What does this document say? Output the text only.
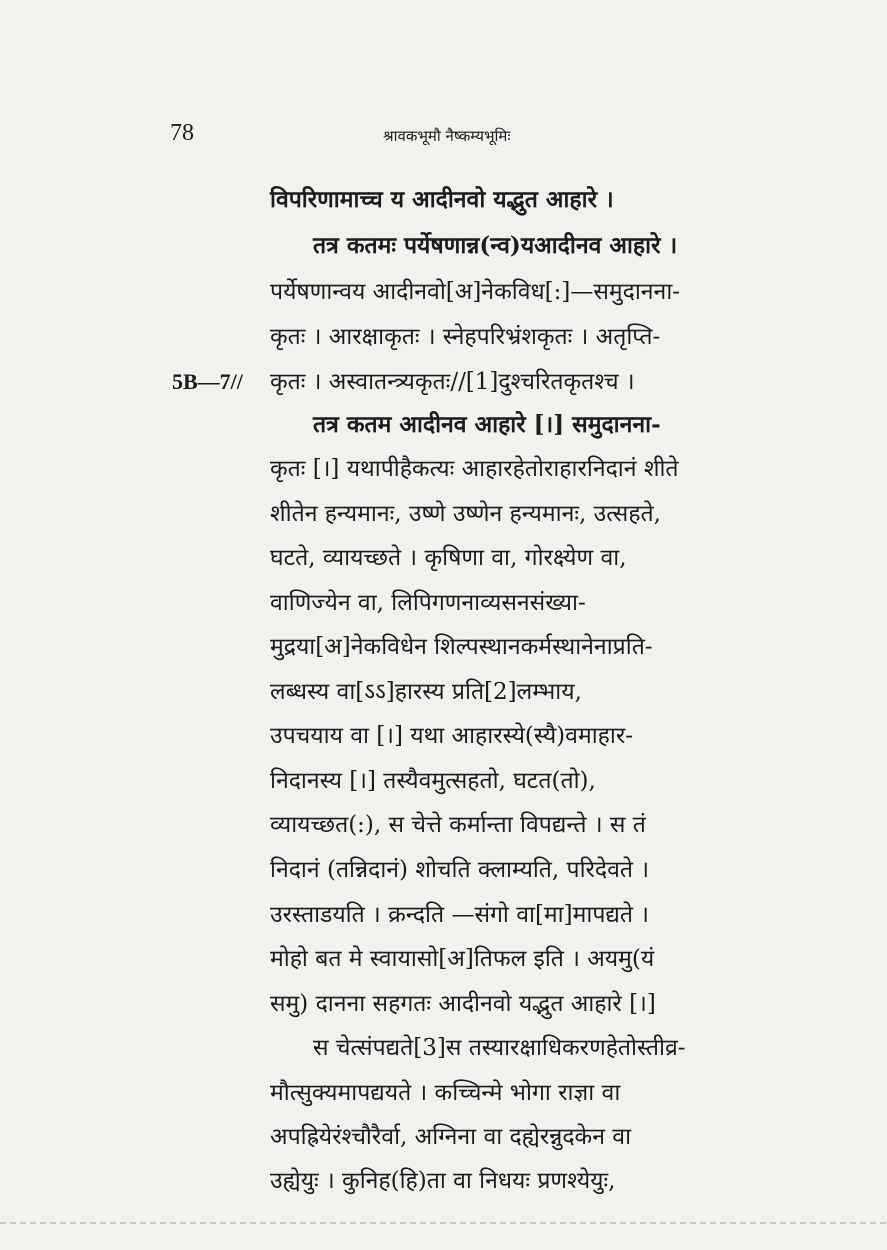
78	श्रावकभूमौ नैष्कम्यभूमिः
5B—7//
विपरिणामाच्च य आदीनवो यद्भुत आहारे ।
तत्र कतमः पर्येषणान्न(न्व)यआदीनव आहारे ।
पर्येषणान्वय आदीनवो[अ]नेकविध[:]—समुदानना-
कृतः । आरक्षाकृतः । स्नेहपरिभ्रंशकृतः । अतृप्ति-
कृतः । अस्वातन्त्र्यकृतः//[1]दुश्चरितकृतश्च ।
तत्र कतम आदीनव आहारे [।] समुदानना-
कृतः [।] यथापीहैकत्यः आहारहेतोराहारनिदानं शीते
शीतेन हन्यमानः, उष्णे उष्णेन हन्यमानः, उत्सहते,
घटते, व्यायच्छते । कृषिणा वा, गोरक्ष्येण वा,
वाणिज्येन वा, लिपिगणनाव्यसनसंख्या-
मुद्रया[अ]नेकविधेन शिल्पस्थानकर्मस्थानेनाप्रति-
लब्धस्य वा[ऽऽ]हारस्य प्रति[2]लम्भाय,
उपचयाय वा [।] यथा आहारस्ये(स्यै)वमाहार-
निदानस्य [।] तस्यैवमुत्सहतो, घटत(तो),
व्यायच्छत(:), स चेत्ते कर्मान्ता विपद्यन्ते । स तं
निदानं (तन्निदानं) शोचति क्लाम्यति, परिदेवते ।
उरस्ताडयति । क्रन्दति —संगो वा[मा]मापद्यते ।
मोहो बत मे स्वायासो[अ]तिफल इति । अयमु(यं
समु) दानना सहगतः आदीनवो यद्भुत आहारे [।]
स चेत्संपद्यते[3]स तस्यारक्षाधिकरणहेतोस्तीव्र-
मौत्सुक्यमापद्ययते । कच्चिन्मे भोगा राज्ञा वा
अपह्रियेरंश्चौरैर्वा, अग्निना वा दह्येरन्नुदकेन वा
उह्येयुः । कुनिह(हि)ता वा निधयः प्रणश्येयुः,
